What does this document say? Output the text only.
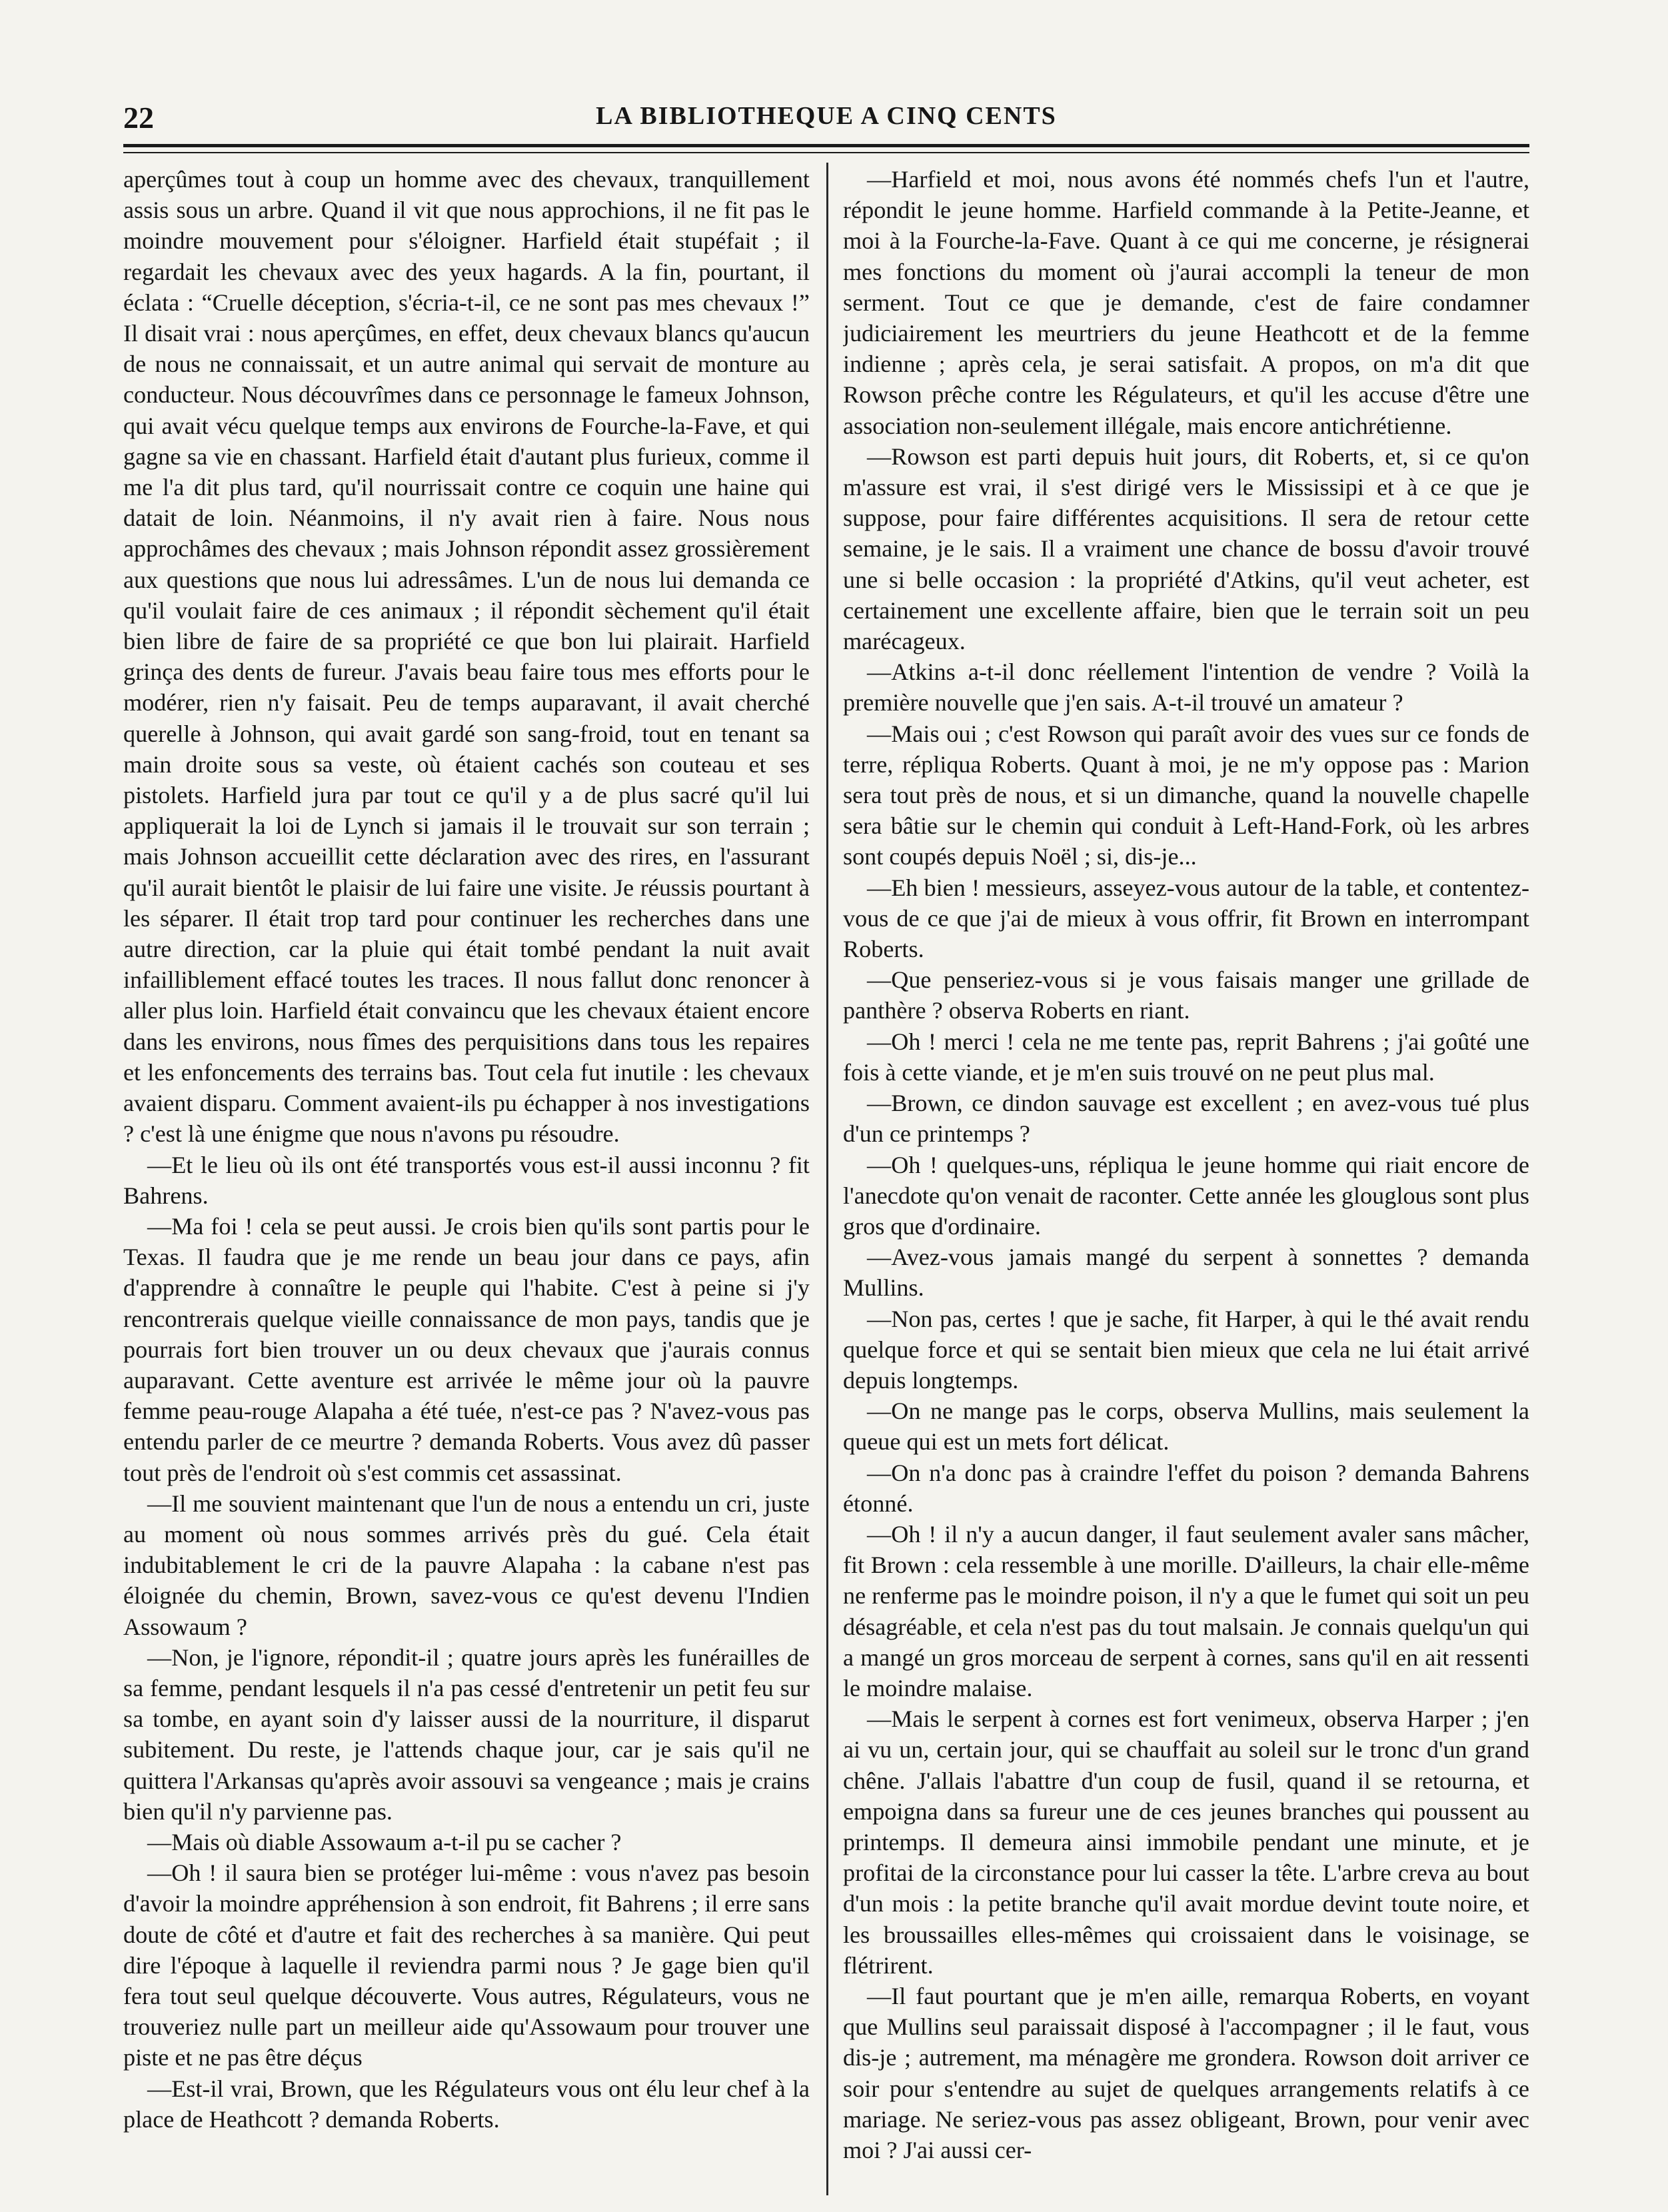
22	LA BIBLIOTHEQUE A CINQ CENTS

aperçûmes tout à coup un homme avec des chevaux, tranquillement assis sous un arbre. Quand il vit que nous approchions, il ne fit pas le moindre mouvement pour s'éloigner. Harfield était stupéfait ; il regardait les chevaux avec des yeux hagards. A la fin, pourtant, il éclata : “Cruelle déception, s'écria-t-il, ce ne sont pas mes chevaux !” Il disait vrai : nous aperçûmes, en effet, deux chevaux blancs qu'aucun de nous ne connaissait, et un autre animal qui servait de monture au conducteur. Nous découvrîmes dans ce personnage le fameux Johnson, qui avait vécu quelque temps aux environs de Fourche-la-Fave, et qui gagne sa vie en chassant. Harfield était d'autant plus furieux, comme il me l'a dit plus tard, qu'il nourrissait contre ce coquin une haine qui datait de loin. Néanmoins, il n'y avait rien à faire. Nous nous approchâmes des chevaux ; mais Johnson répondit assez grossièrement aux questions que nous lui adressâmes. L'un de nous lui demanda ce qu'il voulait faire de ces animaux ; il répondit sèchement qu'il était bien libre de faire de sa propriété ce que bon lui plairait. Harfield grinça des dents de fureur. J'avais beau faire tous mes efforts pour le modérer, rien n'y faisait. Peu de temps auparavant, il avait cherché querelle à Johnson, qui avait gardé son sang-froid, tout en tenant sa main droite sous sa veste, où étaient cachés son couteau et ses pistolets. Harfield jura par tout ce qu'il y a de plus sacré qu'il lui appliquerait la loi de Lynch si jamais il le trouvait sur son terrain ; mais Johnson accueillit cette déclaration avec des rires, en l'assurant qu'il aurait bientôt le plaisir de lui faire une visite. Je réussis pourtant à les séparer. Il était trop tard pour continuer les recherches dans une autre direction, car la pluie qui était tombé pendant la nuit avait infailliblement effacé toutes les traces. Il nous fallut donc renoncer à aller plus loin. Harfield était convaincu que les chevaux étaient encore dans les environs, nous fîmes des perquisitions dans tous les repaires et les enfoncements des terrains bas. Tout cela fut inutile : les chevaux avaient disparu. Comment avaient-ils pu échapper à nos investigations ? c'est là une énigme que nous n'avons pu résoudre.

—Et le lieu où ils ont été transportés vous est-il aussi inconnu ? fit Bahrens.

—Ma foi ! cela se peut aussi. Je crois bien qu'ils sont partis pour le Texas. Il faudra que je me rende un beau jour dans ce pays, afin d'apprendre à connaître le peuple qui l'habite. C'est à peine si j'y rencontrerais quelque vieille connaissance de mon pays, tandis que je pourrais fort bien trouver un ou deux chevaux que j'aurais connus auparavant. Cette aventure est arrivée le même jour où la pauvre femme peau-rouge Alapaha a été tuée, n'est-ce pas ? N'avez-vous pas entendu parler de ce meurtre ? demanda Roberts. Vous avez dû passer tout près de l'endroit où s'est commis cet assassinat.

—Il me souvient maintenant que l'un de nous a entendu un cri, juste au moment où nous sommes arrivés près du gué. Cela était indubitablement le cri de la pauvre Alapaha : la cabane n'est pas éloignée du chemin, Brown, savez-vous ce qu'est devenu l'Indien Assowaum ?

—Non, je l'ignore, répondit-il ; quatre jours après les funérailles de sa femme, pendant lesquels il n'a pas cessé d'entretenir un petit feu sur sa tombe, en ayant soin d'y laisser aussi de la nourriture, il disparut subitement. Du reste, je l'attends chaque jour, car je sais qu'il ne quittera l'Arkansas qu'après avoir assouvi sa vengeance ; mais je crains bien qu'il n'y parvienne pas.

—Mais où diable Assowaum a-t-il pu se cacher ?

—Oh ! il saura bien se protéger lui-même : vous n'avez pas besoin d'avoir la moindre appréhension à son endroit, fit Bahrens ; il erre sans doute de côté et d'autre et fait des recherches à sa manière. Qui peut dire l'époque à laquelle il reviendra parmi nous ? Je gage bien qu'il fera tout seul quelque découverte. Vous autres, Régulateurs, vous ne trouveriez nulle part un meilleur aide qu'Assowaum pour trouver une piste et ne pas être déçus

—Est-il vrai, Brown, que les Régulateurs vous ont élu leur chef à la place de Heathcott ? demanda Roberts.

—Harfield et moi, nous avons été nommés chefs l'un et l'autre, répondit le jeune homme. Harfield commande à la Petite-Jeanne, et moi à la Fourche-la-Fave. Quant à ce qui me concerne, je résignerai mes fonctions du moment où j'aurai accompli la teneur de mon serment. Tout ce que je demande, c'est de faire condamner judiciairement les meurtriers du jeune Heathcott et de la femme indienne ; après cela, je serai satisfait. A propos, on m'a dit que Rowson prêche contre les Régulateurs, et qu'il les accuse d'être une association non-seulement illégale, mais encore antichrétienne.

—Rowson est parti depuis huit jours, dit Roberts, et, si ce qu'on m'assure est vrai, il s'est dirigé vers le Mississipi et à ce que je suppose, pour faire différentes acquisitions. Il sera de retour cette semaine, je le sais. Il a vraiment une chance de bossu d'avoir trouvé une si belle occasion : la propriété d'Atkins, qu'il veut acheter, est certainement une excellente affaire, bien que le terrain soit un peu marécageux.

—Atkins a-t-il donc réellement l'intention de vendre ? Voilà la première nouvelle que j'en sais. A-t-il trouvé un amateur ?

—Mais oui ; c'est Rowson qui paraît avoir des vues sur ce fonds de terre, répliqua Roberts. Quant à moi, je ne m'y oppose pas : Marion sera tout près de nous, et si un dimanche, quand la nouvelle chapelle sera bâtie sur le chemin qui conduit à Left-Hand-Fork, où les arbres sont coupés depuis Noël ; si, dis-je...

—Eh bien ! messieurs, asseyez-vous autour de la table, et contentez-vous de ce que j'ai de mieux à vous offrir, fit Brown en interrompant Roberts.

—Que penseriez-vous si je vous faisais manger une grillade de panthère ? observa Roberts en riant.

—Oh ! merci ! cela ne me tente pas, reprit Bahrens ; j'ai goûté une fois à cette viande, et je m'en suis trouvé on ne peut plus mal.

—Brown, ce dindon sauvage est excellent ; en avez-vous tué plus d'un ce printemps ?

—Oh ! quelques-uns, répliqua le jeune homme qui riait encore de l'anecdote qu'on venait de raconter. Cette année les glouglous sont plus gros que d'ordinaire.

—Avez-vous jamais mangé du serpent à sonnettes ? demanda Mullins.

—Non pas, certes ! que je sache, fit Harper, à qui le thé avait rendu quelque force et qui se sentait bien mieux que cela ne lui était arrivé depuis longtemps.

—On ne mange pas le corps, observa Mullins, mais seulement la queue qui est un mets fort délicat.

—On n'a donc pas à craindre l'effet du poison ? demanda Bahrens étonné.

—Oh ! il n'y a aucun danger, il faut seulement avaler sans mâcher, fit Brown : cela ressemble à une morille. D'ailleurs, la chair elle-même ne renferme pas le moindre poison, il n'y a que le fumet qui soit un peu désagréable, et cela n'est pas du tout malsain. Je connais quelqu'un qui a mangé un gros morceau de serpent à cornes, sans qu'il en ait ressenti le moindre malaise.

—Mais le serpent à cornes est fort venimeux, observa Harper ; j'en ai vu un, certain jour, qui se chauffait au soleil sur le tronc d'un grand chêne. J'allais l'abattre d'un coup de fusil, quand il se retourna, et empoigna dans sa fureur une de ces jeunes branches qui poussent au printemps. Il demeura ainsi immobile pendant une minute, et je profitai de la circonstance pour lui casser la tête. L'arbre creva au bout d'un mois : la petite branche qu'il avait mordue devint toute noire, et les broussailles elles-mêmes qui croissaient dans le voisinage, se flétrirent.

—Il faut pourtant que je m'en aille, remarqua Roberts, en voyant que Mullins seul paraissait disposé à l'accompagner ; il le faut, vous dis-je ; autrement, ma ménagère me grondera. Rowson doit arriver ce soir pour s'entendre au sujet de quelques arrangements relatifs à ce mariage. Ne seriez-vous pas assez obligeant, Brown, pour venir avec moi ? J'ai aussi cer-
